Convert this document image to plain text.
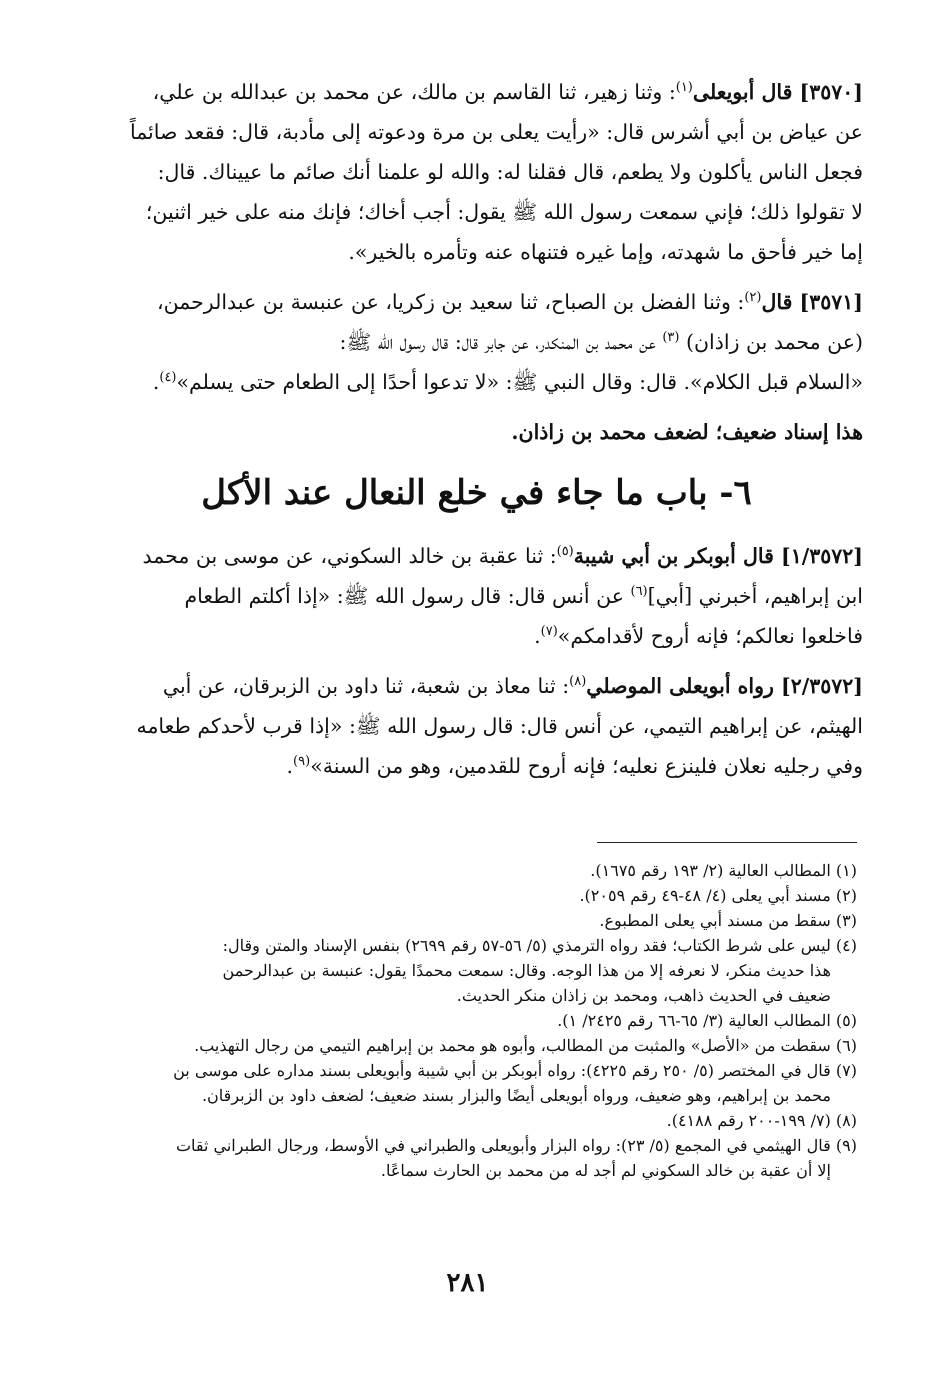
[٣٥٧٠] قال أبويعلى$^{(١)}$: وثنا زهير، ثنا القاسم بن مالك، عن محمد بن عبدالله بن علي،
عن عياض بن أبي أشرس قال: «رأيت يعلى بن مرة ودعوته إلى مأدبة، قال: فقعد صائماً
فجعل الناس يأكلون ولا يطعم، قال فقلنا له: والله لو علمنا أنك صائم ما عييناك. قال:
لا تقولوا ذلك؛ فإني سمعت رسول الله ﷺ يقول: أجب أخاك؛ فإنك منه على خير اثنين؛
إما خير فأحق ما شهدته، وإما غيره فتنهاه عنه وتأمره بالخير».

[٣٥٧١] قال$^{(٢)}$: وثنا الفضل بن الصباح، ثنا سعيد بن زكريا، عن عنبسة بن عبدالرحمن،
(عن محمد بن زاذان) $^{(٣)}$ عن محمد بن المنكدر، عن جابر قال: قال رسول الله ﷺ:
«السلام قبل الكلام». قال: وقال النبي ﷺ: «لا تدعوا أحدًا إلى الطعام حتى يسلم»$^{(٤)}$.

هذا إسناد ضعيف؛ لضعف محمد بن زاذان.

٦- باب ما جاء في خلع النعال عند الأكل

[١/٣٥٧٢] قال أبوبكر بن أبي شيبة$^{(٥)}$: ثنا عقبة بن خالد السكوني، عن موسى بن محمد
ابن إبراهيم، أخبرني [أبي]$^{(٦)}$ عن أنس قال: قال رسول الله ﷺ: «إذا أكلتم الطعام
فاخلعوا نعالكم؛ فإنه أروح لأقدامكم»$^{(٧)}$.

[٢/٣٥٧٢] رواه أبويعلى الموصلي$^{(٨)}$: ثنا معاذ بن شعبة، ثنا داود بن الزبرقان، عن أبي
الهيثم، عن إبراهيم التيمي، عن أنس قال: قال رسول الله ﷺ: «إذا قرب لأحدكم طعامه
وفي رجليه نعلان فلينزع نعليه؛ فإنه أروح للقدمين، وهو من السنة»$^{(٩)}$.

(١) المطالب العالية (٢/ ١٩٣ رقم ١٦٧٥).
(٢) مسند أبي يعلى (٤/ ٤٨-٤٩ رقم ٢٠٥٩).
(٣) سقط من مسند أبي يعلى المطبوع.
(٤) ليس على شرط الكتاب؛ فقد رواه الترمذي (٥/ ٥٦-٥٧ رقم ٢٦٩٩) بنفس الإسناد والمتن وقال:
هذا حديث منكر، لا نعرفه إلا من هذا الوجه. وقال: سمعت محمدًا يقول: عنبسة بن عبدالرحمن
ضعيف في الحديث ذاهب، ومحمد بن زاذان منكر الحديث.
(٥) المطالب العالية (٣/ ٦٥-٦٦ رقم ٢٤٢٥/ ١).
(٦) سقطت من «الأصل» والمثبت من المطالب، وأبوه هو محمد بن إبراهيم التيمي من رجال التهذيب.
(٧) قال في المختصر (٥/ ٢٥٠ رقم ٤٢٢٥): رواه أبوبكر بن أبي شيبة وأبويعلى بسند مداره على موسى بن
محمد بن إبراهيم، وهو ضعيف، ورواه أبويعلى أيضًا والبزار بسند ضعيف؛ لضعف داود بن الزبرقان.
(٨) (٧/ ١٩٩-٢٠٠ رقم ٤١٨٨).
(٩) قال الهيثمي في المجمع (٥/ ٢٣): رواه البزار وأبويعلى والطبراني في الأوسط، ورجال الطبراني ثقات
إلا أن عقبة بن خالد السكوني لم أجد له من محمد بن الحارث سماعًا.
٢٨١
